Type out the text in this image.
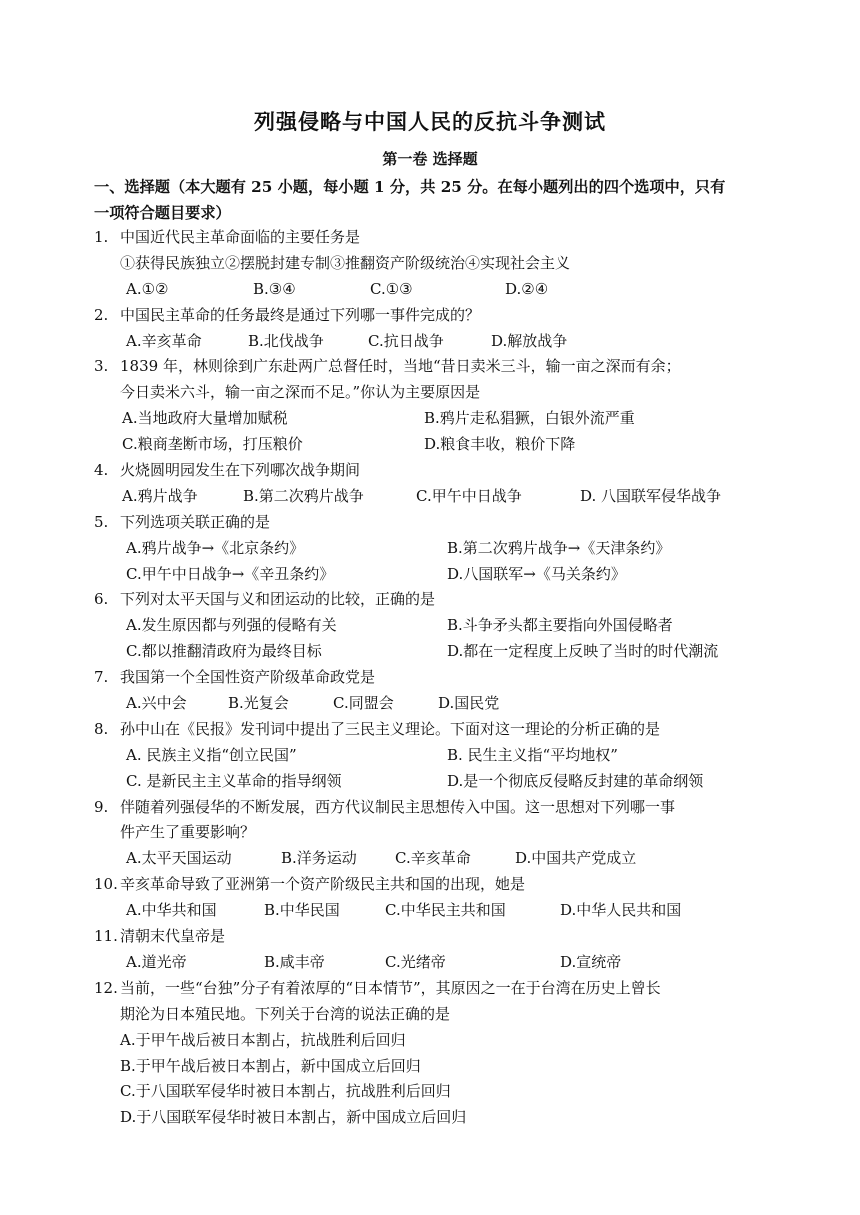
列强侵略与中国人民的反抗斗争测试
第一卷 选择题
一、选择题（本大题有 25 小题，每小题 1 分，共 25 分。在每小题列出的四个选项中，只有
一项符合题目要求）
1. 中国近代民主革命面临的主要任务是
①获得民族独立②摆脱封建专制③推翻资产阶级统治④实现社会主义
A.①②	B.③④	C.①③	D.②④
2. 中国民主革命的任务最终是通过下列哪一事件完成的？
A.辛亥革命	B.北伐战争	C.抗日战争	D.解放战争
3. 1839 年，林则徐到广东赴两广总督任时，当地“昔日卖米三斗，输一亩之深而有余；
今日卖米六斗，输一亩之深而不足。”你认为主要原因是
A.当地政府大量增加赋税	B.鸦片走私猖獗，白银外流严重
C.粮商垄断市场，打压粮价	D.粮食丰收，粮价下降
4. 火烧圆明园发生在下列哪次战争期间
A.鸦片战争	B.第二次鸦片战争	C.甲午中日战争	D. 八国联军侵华战争
5. 下列选项关联正确的是
A.鸦片战争→《北京条约》	B.第二次鸦片战争→《天津条约》
C.甲午中日战争→《辛丑条约》	D.八国联军→《马关条约》
6. 下列对太平天国与义和团运动的比较，正确的是
A.发生原因都与列强的侵略有关	B.斗争矛头都主要指向外国侵略者
C.都以推翻清政府为最终目标	D.都在一定程度上反映了当时的时代潮流
7. 我国第一个全国性资产阶级革命政党是
A.兴中会	B.光复会	C.同盟会	D.国民党
8. 孙中山在《民报》发刊词中提出了三民主义理论。下面对这一理论的分析正确的是
A. 民族主义指“创立民国”	B. 民生主义指“平均地权”
C. 是新民主主义革命的指导纲领	D.是一个彻底反侵略反封建的革命纲领
9. 伴随着列强侵华的不断发展，西方代议制民主思想传入中国。这一思想对下列哪一事
件产生了重要影响？
A.太平天国运动	B.洋务运动	C.辛亥革命	D.中国共产党成立
10. 辛亥革命导致了亚洲第一个资产阶级民主共和国的出现，她是
A.中华共和国	B.中华民国	C.中华民主共和国	D.中华人民共和国
11. 清朝末代皇帝是
A.道光帝	B.咸丰帝	C.光绪帝	D.宣统帝
12. 当前，一些“台独”分子有着浓厚的“日本情节”，其原因之一在于台湾在历史上曾长
期沦为日本殖民地。下列关于台湾的说法正确的是
A.于甲午战后被日本割占，抗战胜利后回归
B.于甲午战后被日本割占，新中国成立后回归
C.于八国联军侵华时被日本割占，抗战胜利后回归
D.于八国联军侵华时被日本割占，新中国成立后回归
